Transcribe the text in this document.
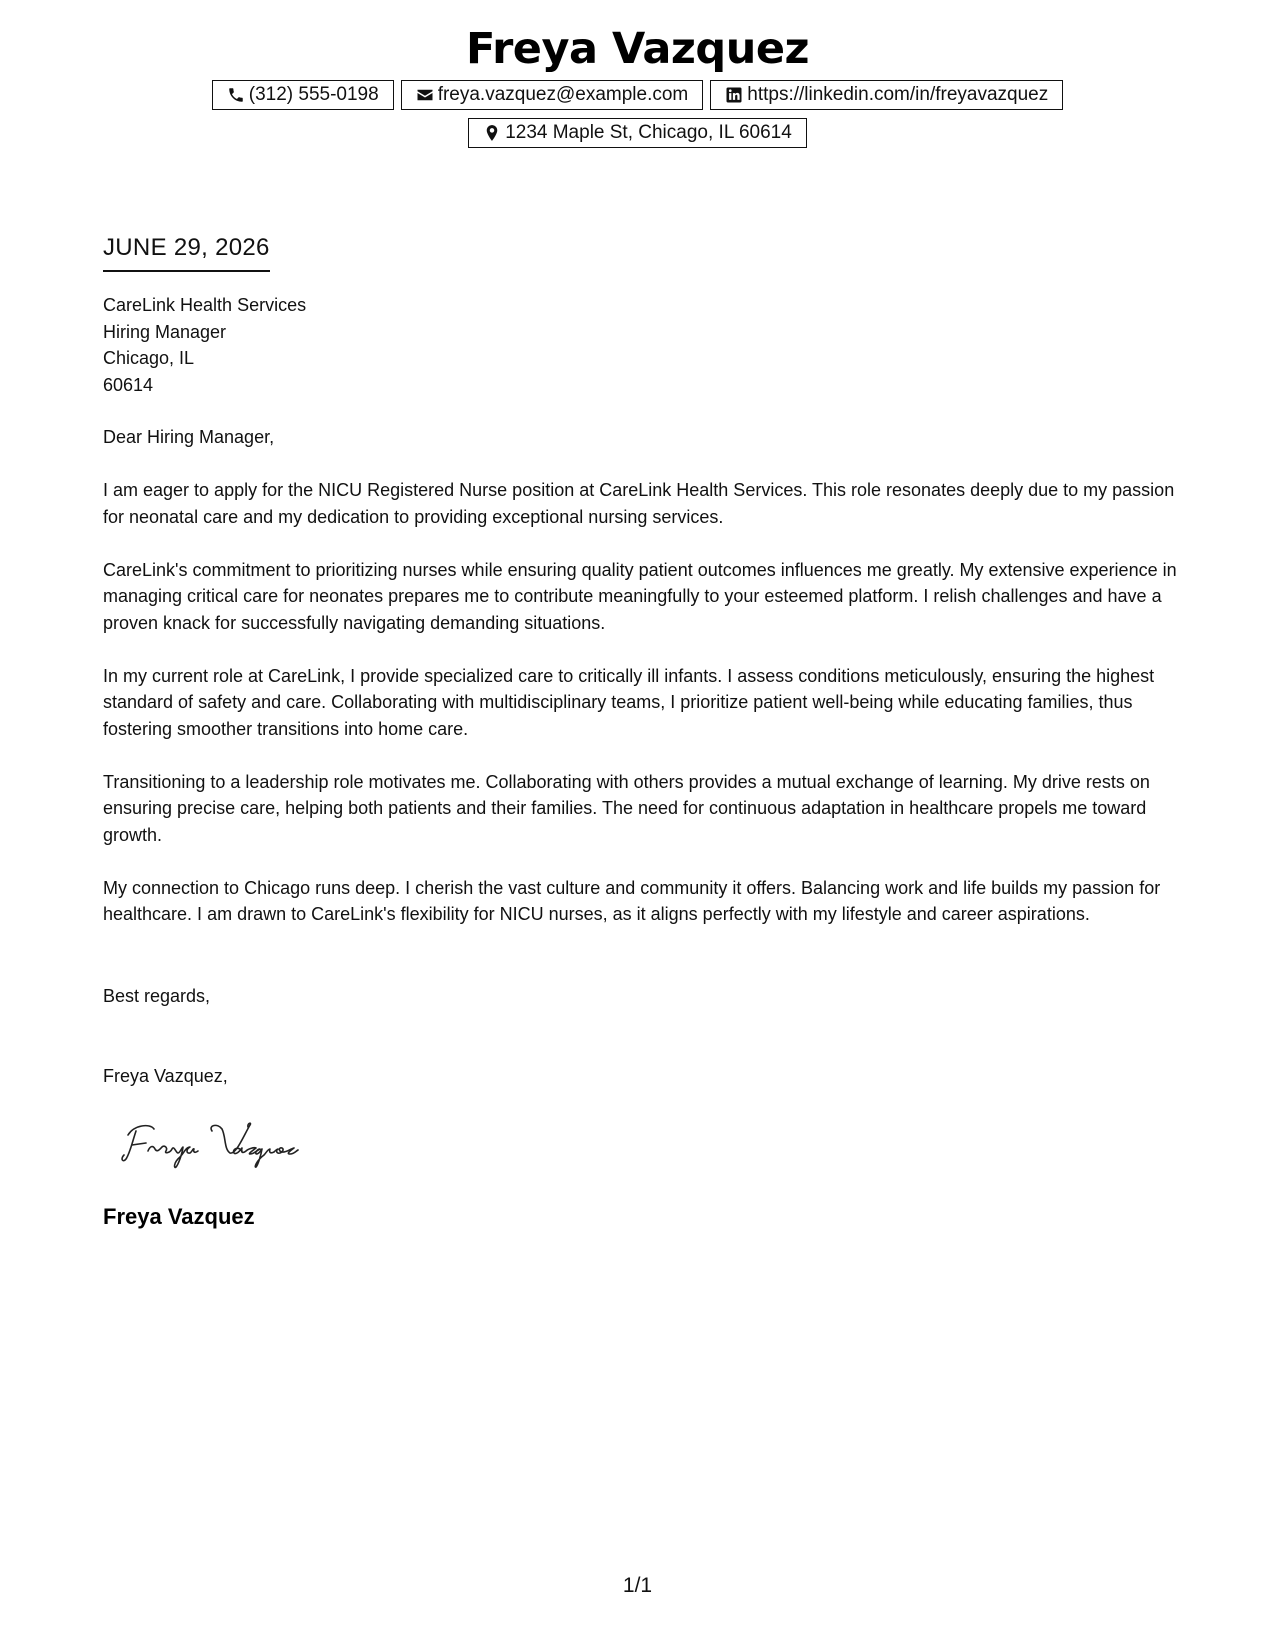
Freya Vazquez
(312) 555-0198	freya.vazquez@example.com	https://linkedin.com/in/freyavazquez
1234 Maple St, Chicago, IL 60614
JUNE 29, 2026
CareLink Health Services
Hiring Manager
Chicago, IL
60614

Dear Hiring Manager,

I am eager to apply for the NICU Registered Nurse position at CareLink Health Services. This role resonates deeply due to my passion for neonatal care and my dedication to providing exceptional nursing services.

CareLink's commitment to prioritizing nurses while ensuring quality patient outcomes influences me greatly. My extensive experience in managing critical care for neonates prepares me to contribute meaningfully to your esteemed platform. I relish challenges and have a proven knack for successfully navigating demanding situations.

In my current role at CareLink, I provide specialized care to critically ill infants. I assess conditions meticulously, ensuring the highest standard of safety and care. Collaborating with multidisciplinary teams, I prioritize patient well-being while educating families, thus fostering smoother transitions into home care.

Transitioning to a leadership role motivates me. Collaborating with others provides a mutual exchange of learning. My drive rests on ensuring precise care, helping both patients and their families. The need for continuous adaptation in healthcare propels me toward growth.

My connection to Chicago runs deep. I cherish the vast culture and community it offers. Balancing work and life builds my passion for healthcare. I am drawn to CareLink's flexibility for NICU nurses, as it aligns perfectly with my lifestyle and career aspirations.

Best regards,
Freya Vazquez,
Freya Vazquez
1/1
